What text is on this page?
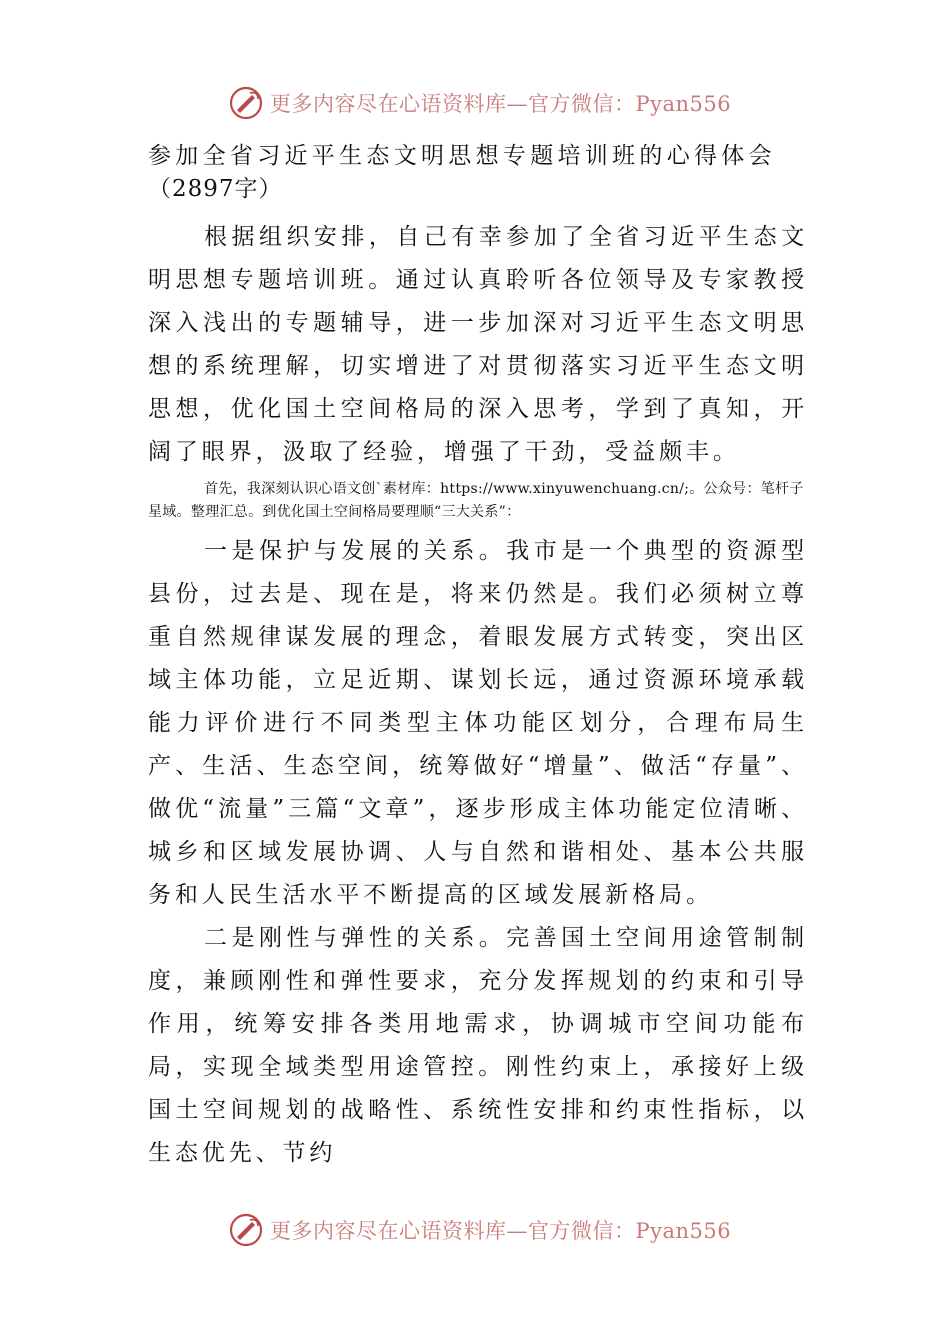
更多内容尽在心语资料库—官方微信：Pyan556

参加全省习近平生态文明思想专题培训班的心得体会
（2897字）

根据组织安排，自己有幸参加了全省习近平生态文明思想专题培训班。通过认真聆听各位领导及专家教授深入浅出的专题辅导，进一步加深对习近平生态文明思想的系统理解，切实增进了对贯彻落实习近平生态文明思想，优化国土空间格局的深入思考，学到了真知，开阔了眼界，汲取了经验，增强了干劲，受益颇丰。

首先，我深刻认识心语文创`素材库：https://www.xinyuwenchuang.cn/;。公众号：笔杆子星域。整理汇总。到优化国土空间格局要理顺“三大关系”：

一是保护与发展的关系。我市是一个典型的资源型县份，过去是、现在是，将来仍然是。我们必须树立尊重自然规律谋发展的理念，着眼发展方式转变，突出区域主体功能，立足近期、谋划长远，通过资源环境承载能力评价进行不同类型主体功能区划分，合理布局生产、生活、生态空间，统筹做好“增量”、做活“存量”、做优“流量”三篇“文章”，逐步形成主体功能定位清晰、城乡和区域发展协调、人与自然和谐相处、基本公共服务和人民生活水平不断提高的区域发展新格局。

二是刚性与弹性的关系。完善国土空间用途管制制度，兼顾刚性和弹性要求，充分发挥规划的约束和引导作用，统筹安排各类用地需求，协调城市空间功能布局，实现全域类型用途管控。刚性约束上，承接好上级国土空间规划的战略性、系统性安排和约束性指标，以生态优先、节约

更多内容尽在心语资料库—官方微信：Pyan556
